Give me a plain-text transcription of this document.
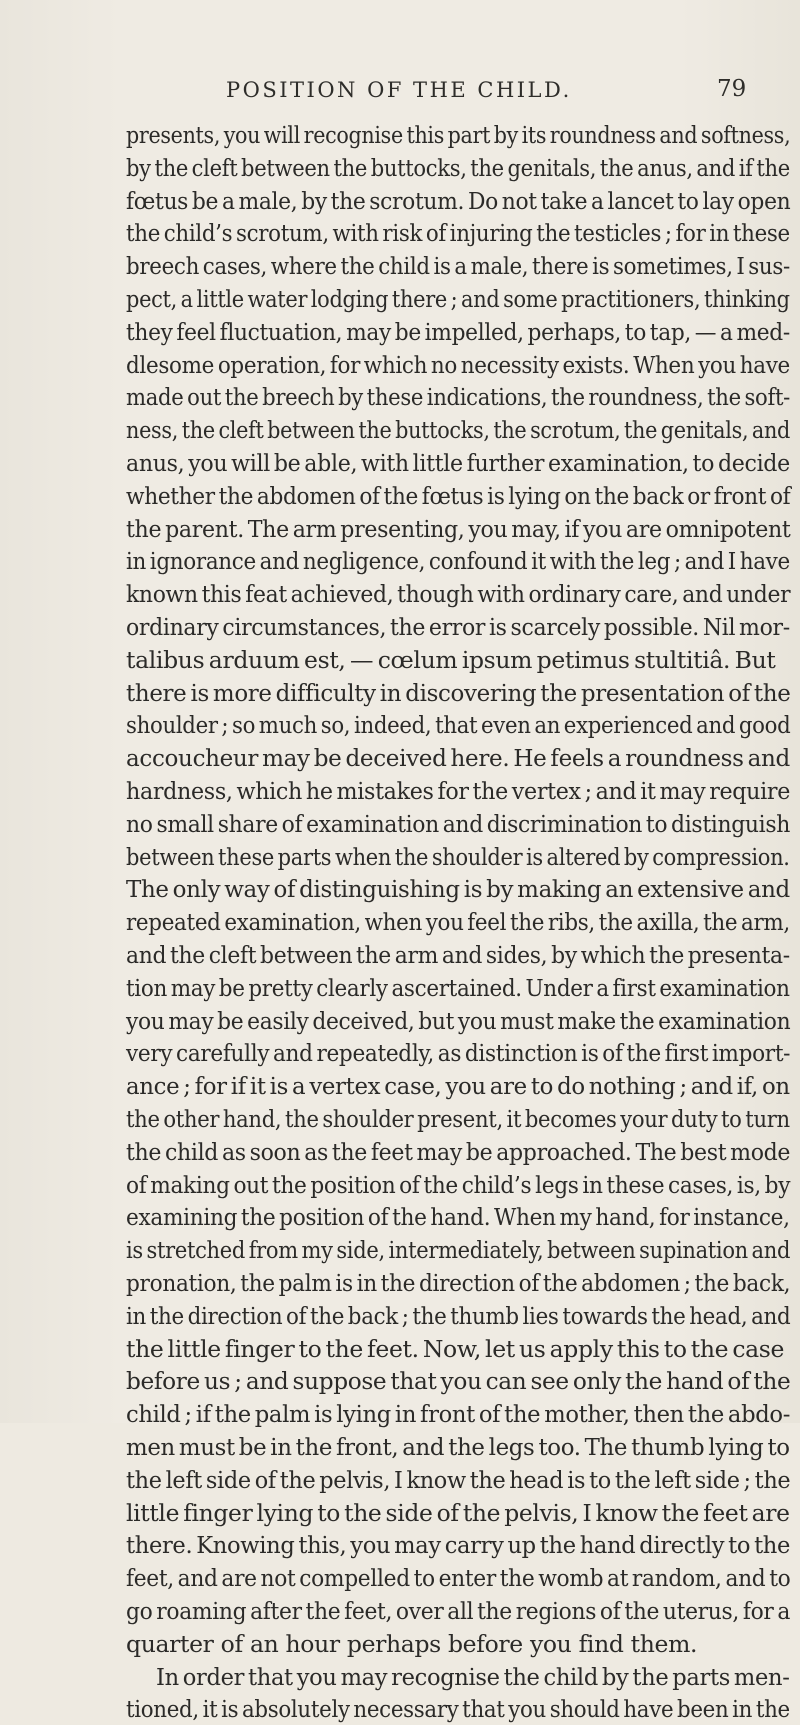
POSITION OF THE CHILD.	79
presents, you will recognise this part by its roundness and softness,
by the cleft between the buttocks, the genitals, the anus, and if the
fœtus be a male, by the scrotum. Do not take a lancet to lay open
the child’s scrotum, with risk of injuring the testicles ; for in these
breech cases, where the child is a male, there is sometimes, I sus-
pect, a little water lodging there ; and some practitioners, thinking
they feel fluctuation, may be impelled, perhaps, to tap, — a med-
dlesome operation, for which no necessity exists. When you have
made out the breech by these indications, the roundness, the soft-
ness, the cleft between the buttocks, the scrotum, the genitals, and
anus, you will be able, with little further examination, to decide
whether the abdomen of the fœtus is lying on the back or front of
the parent. The arm presenting, you may, if you are omnipotent
in ignorance and negligence, confound it with the leg ; and I have
known this feat achieved, though with ordinary care, and under
ordinary circumstances, the error is scarcely possible. Nil mor-
talibus arduum est, — cœlum ipsum petimus stultitiâ. But
there is more difficulty in discovering the presentation of the
shoulder ; so much so, indeed, that even an experienced and good
accoucheur may be deceived here. He feels a roundness and
hardness, which he mistakes for the vertex ; and it may require
no small share of examination and discrimination to distinguish
between these parts when the shoulder is altered by compression.
The only way of distinguishing is by making an extensive and
repeated examination, when you feel the ribs, the axilla, the arm,
and the cleft between the arm and sides, by which the presenta-
tion may be pretty clearly ascertained. Under a first examination
you may be easily deceived, but you must make the examination
very carefully and repeatedly, as distinction is of the first import-
ance ; for if it is a vertex case, you are to do nothing ; and if, on
the other hand, the shoulder present, it becomes your duty to turn
the child as soon as the feet may be approached. The best mode
of making out the position of the child’s legs in these cases, is, by
examining the position of the hand. When my hand, for instance,
is stretched from my side, intermediately, between supination and
pronation, the palm is in the direction of the abdomen ; the back,
in the direction of the back ; the thumb lies towards the head, and
the little finger to the feet. Now, let us apply this to the case
before us ; and suppose that you can see only the hand of the
child ; if the palm is lying in front of the mother, then the abdo-
men must be in the front, and the legs too. The thumb lying to
the left side of the pelvis, I know the head is to the left side ; the
little finger lying to the side of the pelvis, I know the feet are
there. Knowing this, you may carry up the hand directly to the
feet, and are not compelled to enter the womb at random, and to
go roaming after the feet, over all the regions of the uterus, for a
quarter of an hour perhaps before you find them.
In order that you may recognise the child by the parts men-
tioned, it is absolutely necessary that you should have been in the
